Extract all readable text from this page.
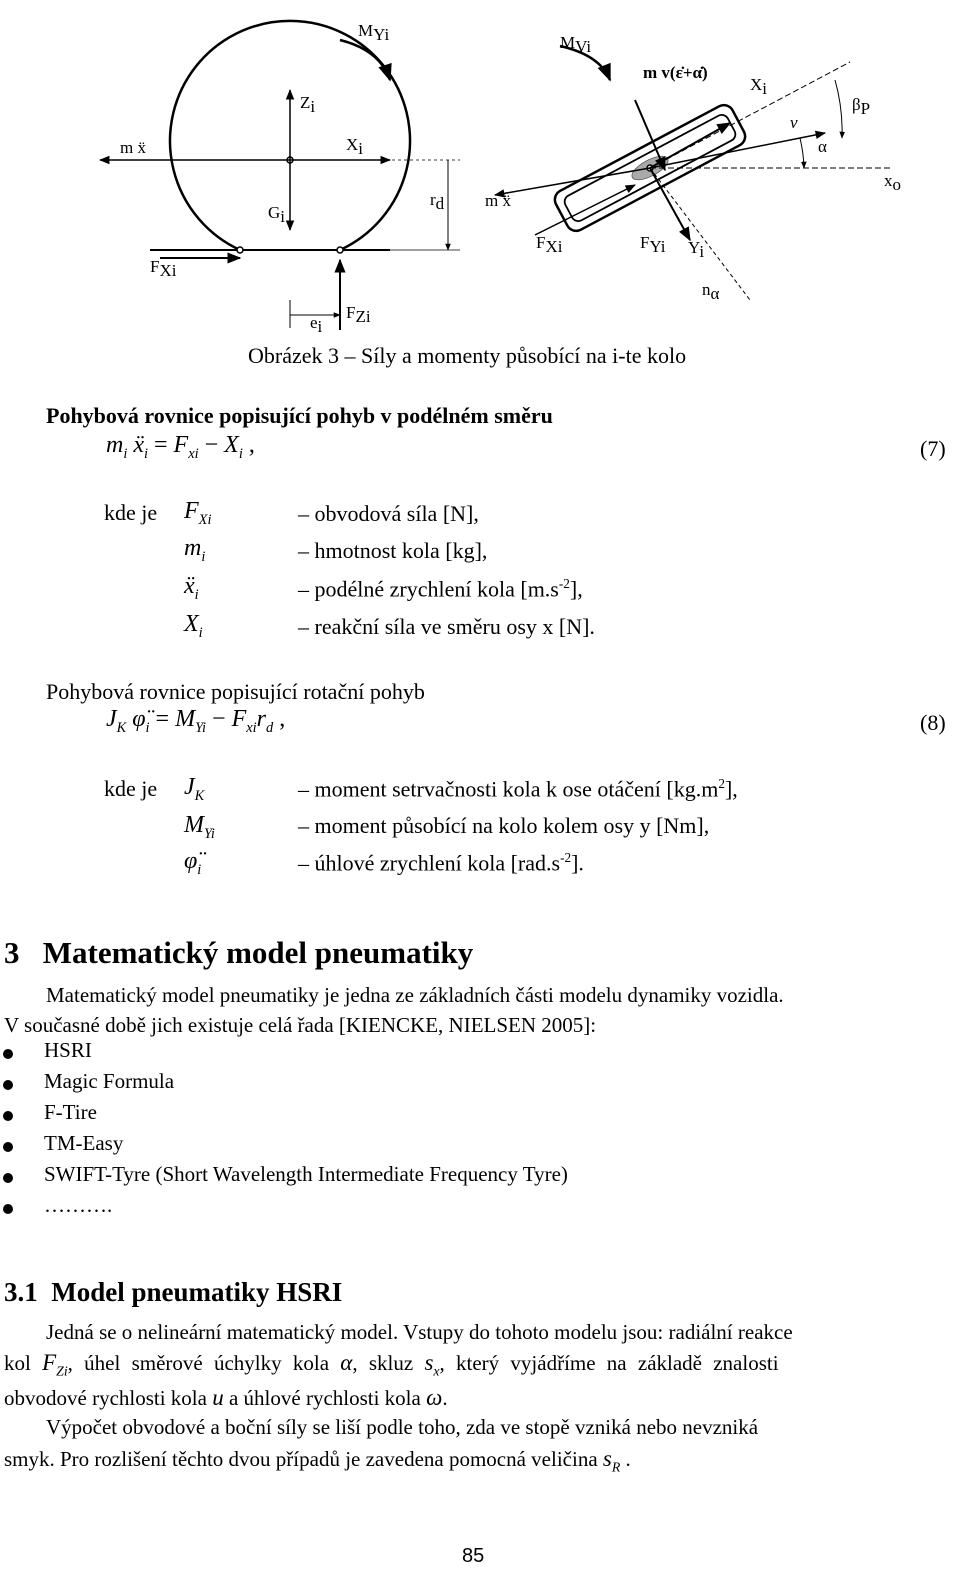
MYi	MVi
m v(ε̇+α̇)
Zi
Xi
Xi
m ẍ
m ẍ
Gi
rd
FXi
FXi	FYi Yi
ei
FZi
v
α
βP
xo
nα
Obrázek 3 – Síly a momenty působící na i-te kolo
Pohybová rovnice popisující pohyb v podélném směru
$m_i$ ẍ$_i$ = $F_{xi} - X_i$ ,	(7)
kde je $F_{Xi}$	– obvodová síla [N],
$m_i$	– hmotnost kola [kg],
ẍ$_i$	– podélné zrychlení kola $[m.s^{-2}]$,
$X_i$	– reakční síla ve směru osy x [N].
Pohybová rovnice popisující rotační pohyb
$J_K$ $\varphï_i = M_{Yi} - F_{xi}r_d$ ,	(8)
kde je $J_K$	– moment setrvačnosti kola k ose otáčení $[kg.m^2]$,
$M_{Yi}$	– moment působící na kolo kolem osy y [Nm],
$\varphï_i$	– úhlové zrychlení kola $[rad.s^{-2}]$.
3 Matematický model pneumatiky
Matematický model pneumatiky je jedna ze základních části modelu dynamiky vozidla.
V současné době jich existuje celá řada [KIENCKE, NIELSEN 2005]:
HSRI
Magic Formula
F-Tire
TM-Easy
SWIFT-Tyre (Short Wavelength Intermediate Frequency Tyre)
……….
3.1 Model pneumatiky HSRI
Jedná se o nelineární matematický model. Vstupy do tohoto modelu jsou: radiální reakce
kol $F_{Zi}$, úhel směrové úchylky kola α, skluz $s_x$, který vyjádříme na základě znalosti
obvodové rychlosti kola u a úhlové rychlosti kola ω.
Výpočet obvodové a boční síly se liší podle toho, zda ve stopě vzniká nebo nevzniká
smyk. Pro rozlišení těchto dvou případů je zavedena pomocná veličina $s_R$ .
85
